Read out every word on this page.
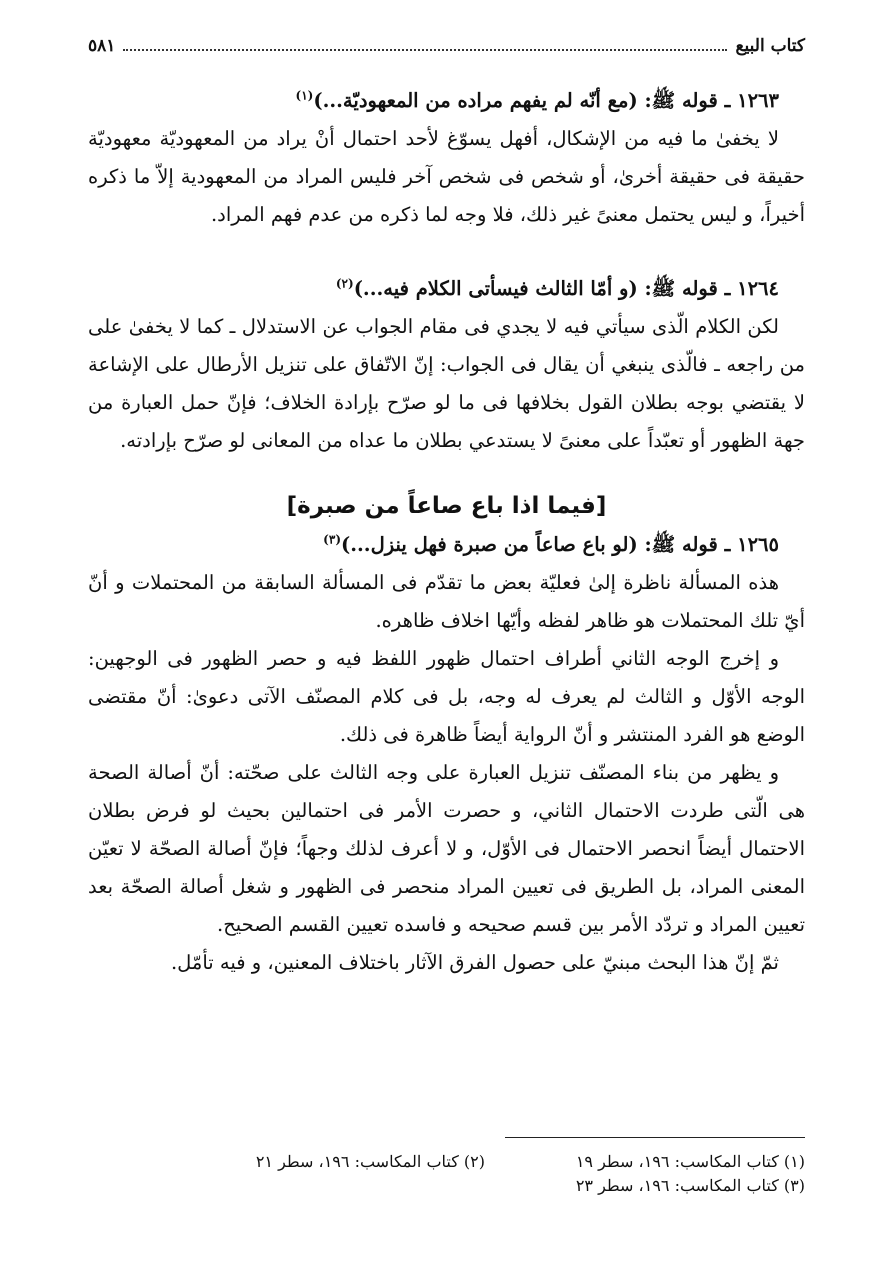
كتاب البيع
٥٨١

١٢٦٣ ـ قوله ﷺ: (مع أنّه لم يفهم مراده من المعهوديّة...)$^{(١)}$

لا يخفىٰ ما فيه من الإشكال، أفهل يسوّغ لأحد احتمال أنْ يراد من المعهوديّة معهوديّة حقيقة فى حقيقة أخرىٰ، أو شخص فى شخص آخر فليس المراد من المعهودية إلاّ ما ذكره أخيراً، و ليس يحتمل معنىً غير ذلك، فلا وجه لما ذكره من عدم فهم المراد.

١٢٦٤ ـ قوله ﷺ: (و أمّا الثالث فيسأتى الكلام فيه...)$^{(٢)}$

لكن الكلام الّذى سيأتي فيه لا يجدي فى مقام الجواب عن الاستدلال ـ كما لا يخفىٰ على من راجعه ـ فالّذى ينبغي أن يقال فى الجواب: إنّ الاتّفاق على تنزيل الأرطال على الإشاعة لا يقتضي بوجه بطلان القول بخلافها فى ما لو صرّح بإرادة الخلاف؛ فإنّ حمل العبارة من جهة الظهور أو تعبّداً على معنىً لا يستدعي بطلان ما عداه من المعانى لو صرّح بإرادته.

[فيما اذا باع صاعاً من صبرة]

١٢٦٥ ـ قوله ﷺ: (لو باع صاعاً من صبرة فهل ينزل...)$^{(٣)}$

هذه المسألة ناظرة إلىٰ فعليّة بعض ما تقدّم فى المسألة السابقة من المحتملات و أنّ أيّ تلك المحتملات هو ظاهر لفظه وأيّها اخلاف ظاهره.

و إخرج الوجه الثاني أطراف احتمال ظهور اللفظ فيه و حصر الظهور فى الوجهين: الوجه الأوّل و الثالث لم يعرف له وجه، بل فى كلام المصنّف الآتى دعوىٰ: أنّ مقتضى الوضع هو الفرد المنتشر و أنّ الرواية أيضاً ظاهرة فى ذلك.

و يظهر من بناء المصنّف تنزيل العبارة على وجه الثالث على صحّته: أنّ أصالة الصحة هى الّتى طردت الاحتمال الثاني، و حصرت الأمر فى احتمالين بحيث لو فرض بطلان الاحتمال أيضاً انحصر الاحتمال فى الأوّل، و لا أعرف لذلك وجهاً؛ فإنّ أصالة الصحّة لا تعيّن المعنى المراد، بل الطريق فى تعيين المراد منحصر فى الظهور و شغل أصالة الصحّة بعد تعيين المراد و تردّد الأمر بين قسم صحيحه و فاسده تعيين القسم الصحيح.

ثمّ إنّ هذا البحث مبنيّ على حصول الفرق الآثار باختلاف المعنين، و فيه تأمّل.

(١) كتاب المكاسب: ١٩٦، سطر ١٩
(٢) كتاب المكاسب: ١٩٦، سطر ٢١
(٣) كتاب المكاسب: ١٩٦، سطر ٢٣
